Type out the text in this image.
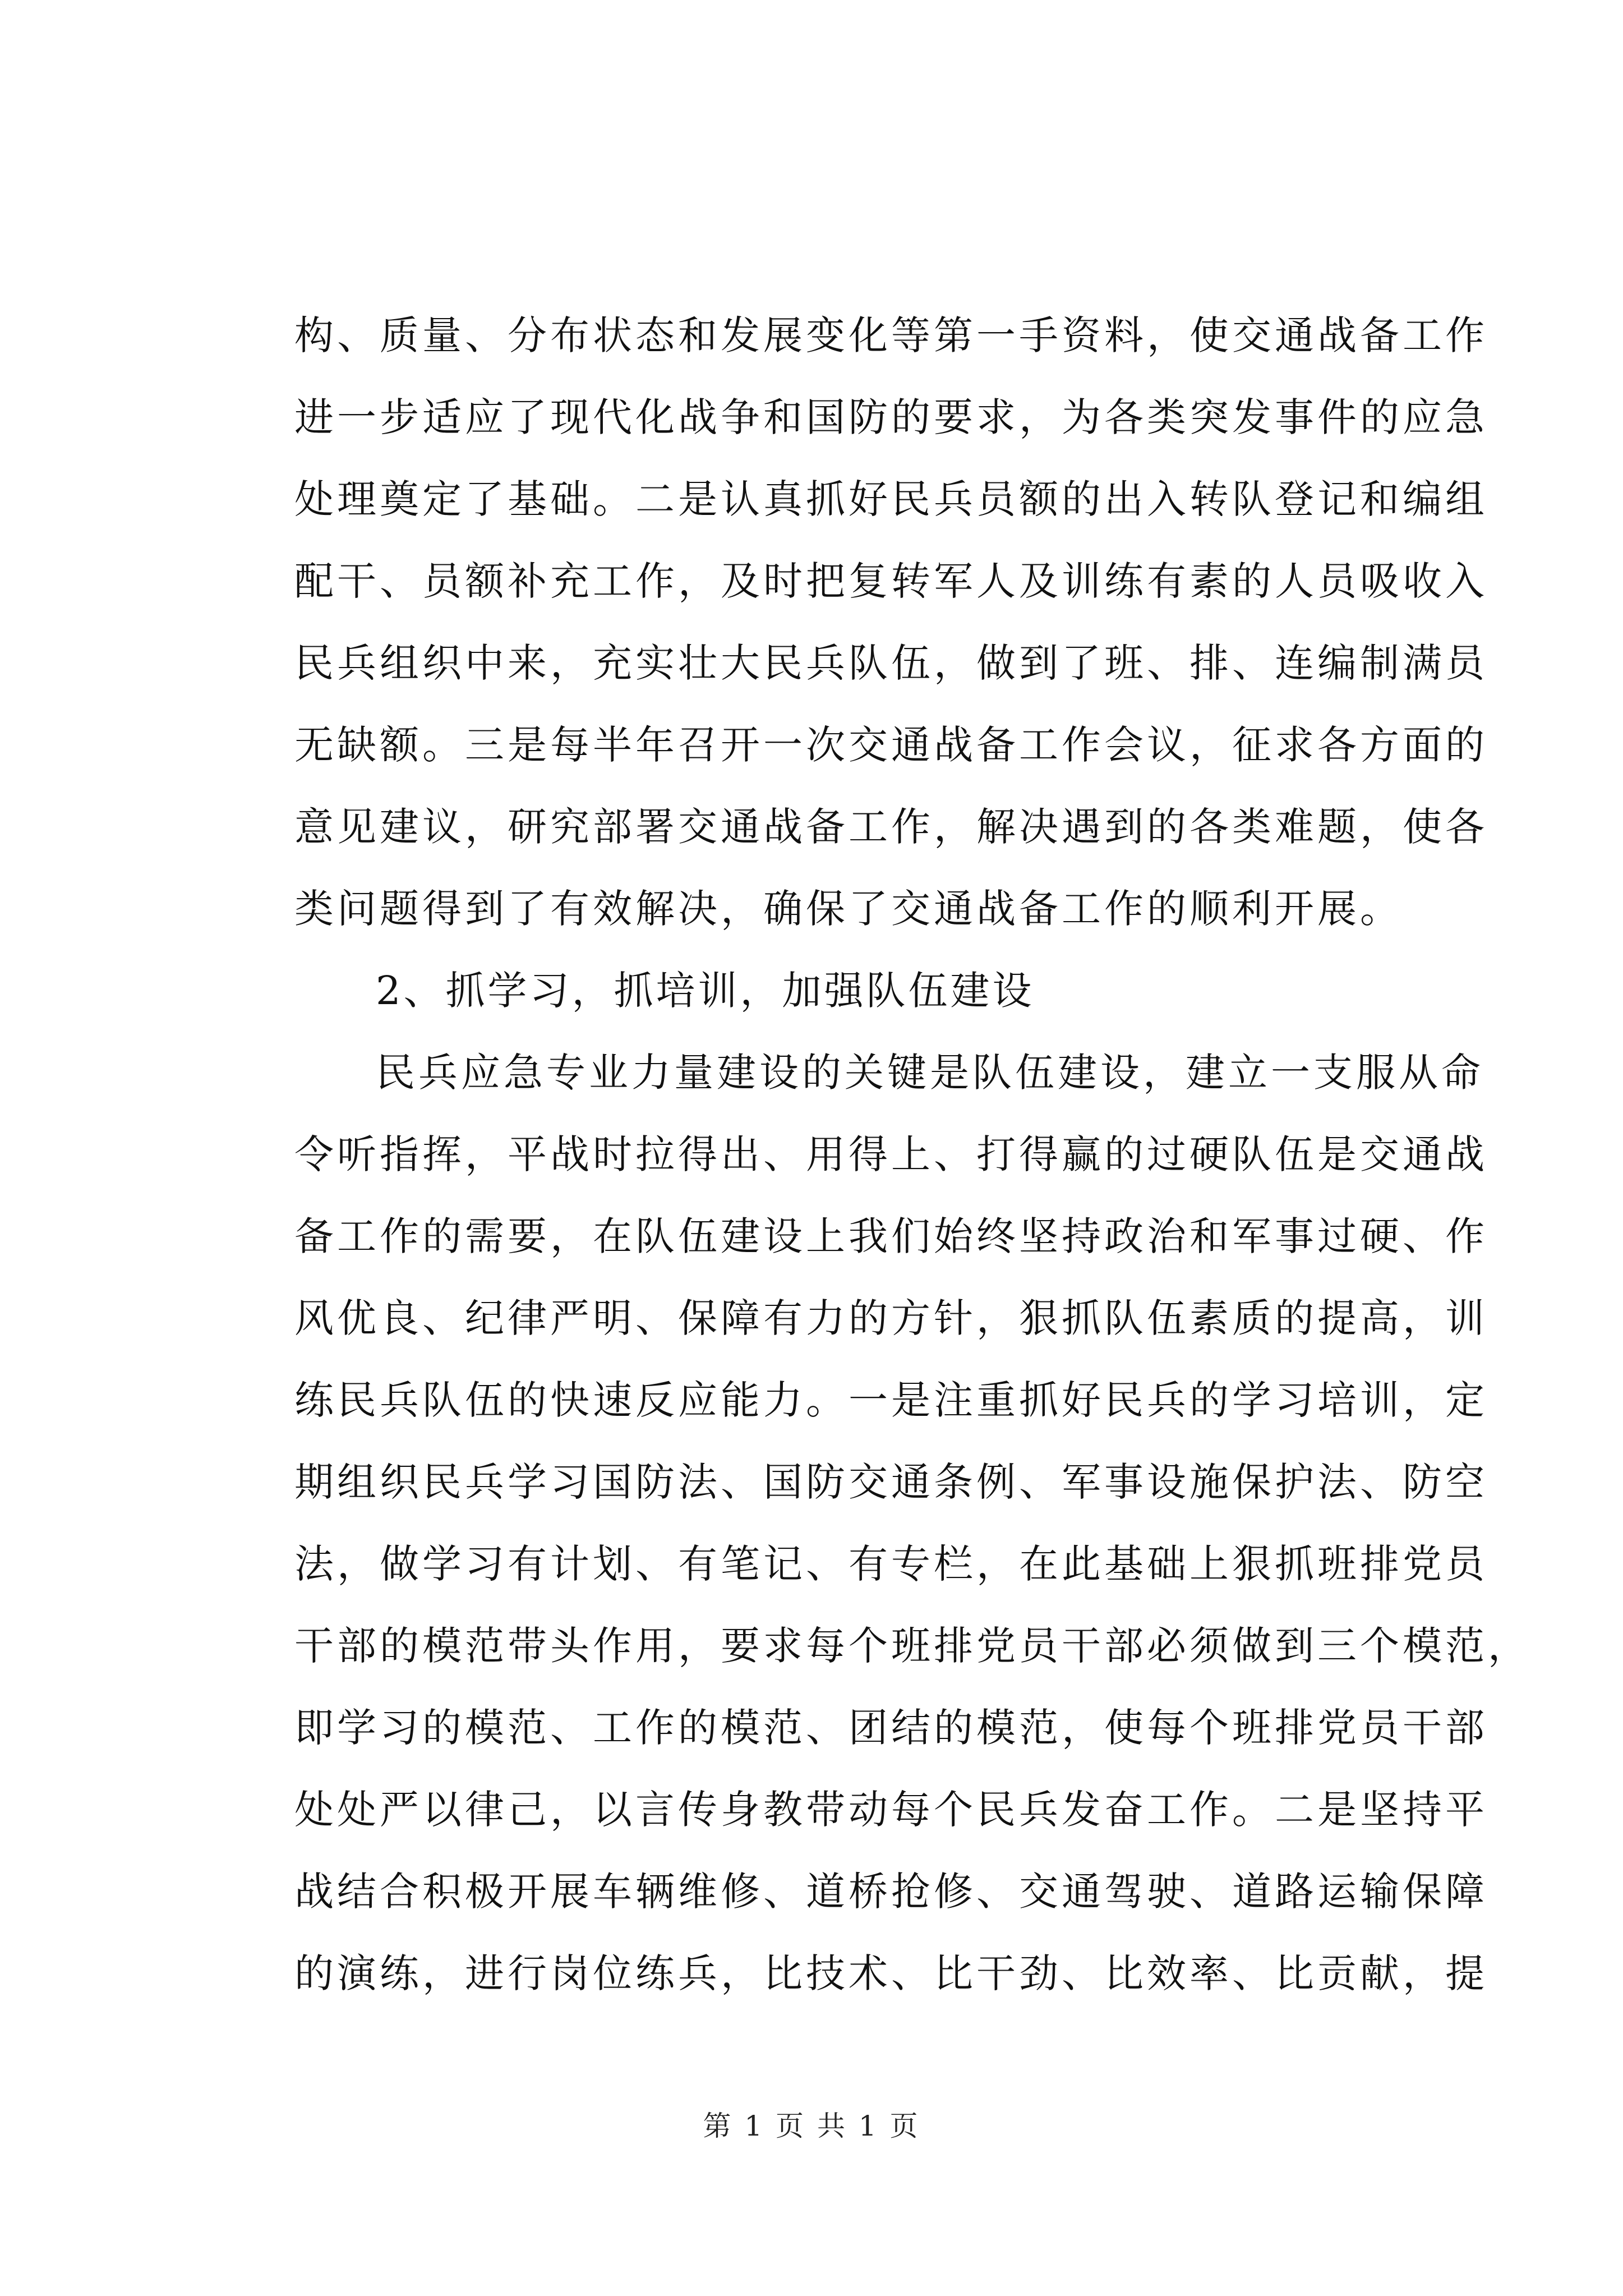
构、质量、分布状态和发展变化等第一手资料，使交通战备工作
进一步适应了现代化战争和国防的要求，为各类突发事件的应急
处理奠定了基础。二是认真抓好民兵员额的出入转队登记和编组
配干、员额补充工作，及时把复转军人及训练有素的人员吸收入
民兵组织中来，充实壮大民兵队伍，做到了班、排、连编制满员
无缺额。三是每半年召开一次交通战备工作会议，征求各方面的
意见建议，研究部署交通战备工作，解决遇到的各类难题，使各
类问题得到了有效解决，确保了交通战备工作的顺利开展。
2、抓学习，抓培训，加强队伍建设
民兵应急专业力量建设的关键是队伍建设，建立一支服从命
令听指挥，平战时拉得出、用得上、打得赢的过硬队伍是交通战
备工作的需要，在队伍建设上我们始终坚持政治和军事过硬、作
风优良、纪律严明、保障有力的方针，狠抓队伍素质的提高，训
练民兵队伍的快速反应能力。一是注重抓好民兵的学习培训，定
期组织民兵学习国防法、国防交通条例、军事设施保护法、防空
法，做学习有计划、有笔记、有专栏，在此基础上狠抓班排党员
干部的模范带头作用，要求每个班排党员干部必须做到三个模范，
即学习的模范、工作的模范、团结的模范，使每个班排党员干部
处处严以律己，以言传身教带动每个民兵发奋工作。二是坚持平
战结合积极开展车辆维修、道桥抢修、交通驾驶、道路运输保障
的演练，进行岗位练兵，比技术、比干劲、比效率、比贡献，提
第 1 页 共 1 页
